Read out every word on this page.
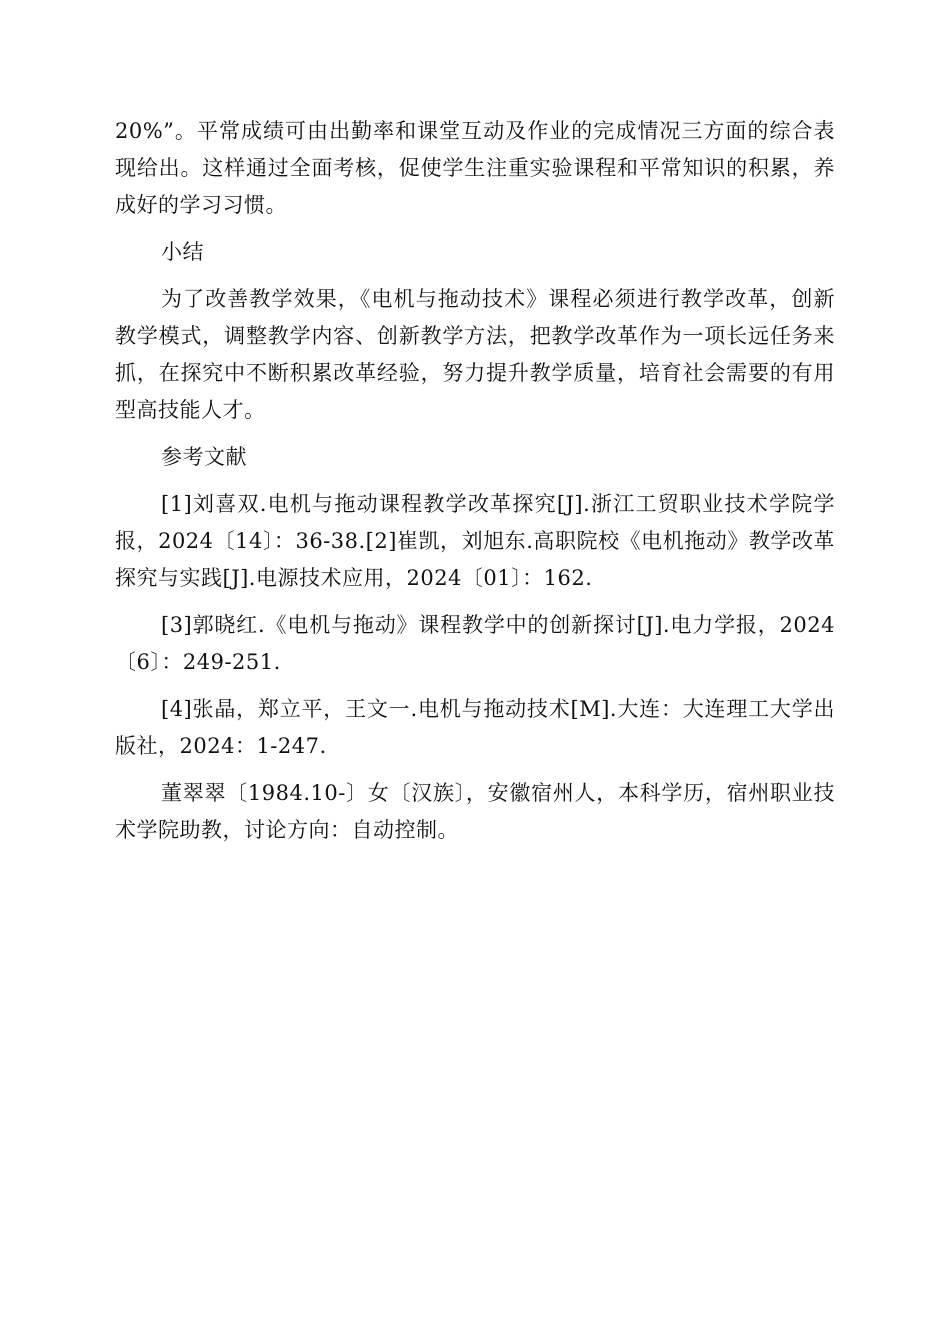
20%”。平常成绩可由出勤率和课堂互动及作业的完成情况三方面的综合表现给出。这样通过全面考核，促使学生注重实验课程和平常知识的积累，养成好的学习习惯。

小结

为了改善教学效果，《电机与拖动技术》课程必须进行教学改革，创新教学模式，调整教学内容、创新教学方法，把教学改革作为一项长远任务来抓，在探究中不断积累改革经验，努力提升教学质量，培育社会需要的有用型高技能人才。

参考文献

[1]刘喜双.电机与拖动课程教学改革探究[J].浙江工贸职业技术学院学报，2024〔14〕：36-38.[2]崔凯，刘旭东.高职院校《电机拖动》教学改革探究与实践[J].电源技术应用，2024〔01〕：162.

[3]郭晓红.《电机与拖动》课程教学中的创新探讨[J].电力学报，2024〔6〕：249-251.

[4]张晶，郑立平，王文一.电机与拖动技术[M].大连：大连理工大学出版社，2024：1-247.

董翠翠〔1984.10-〕女〔汉族〕，安徽宿州人，本科学历，宿州职业技术学院助教，讨论方向：自动控制。
